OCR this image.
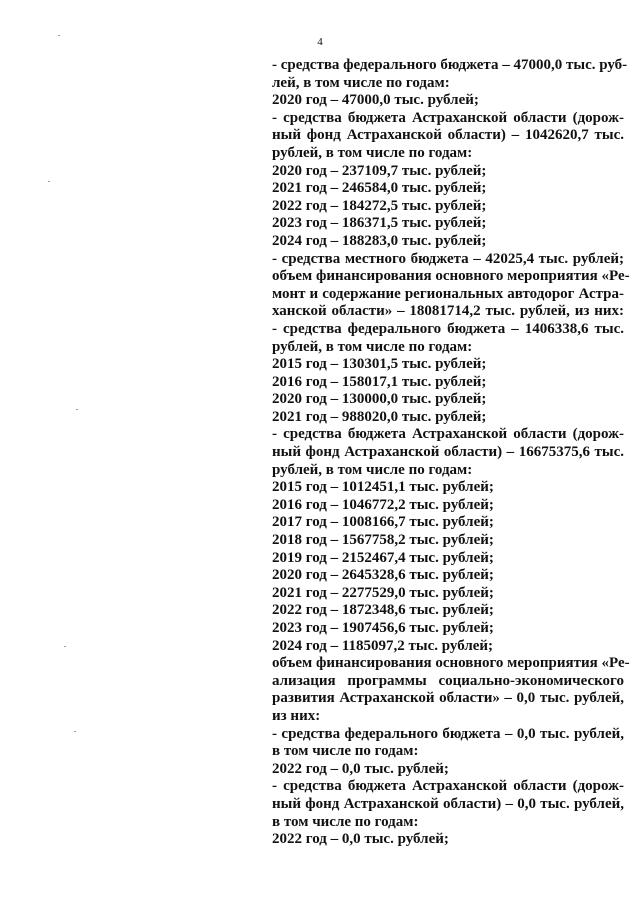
4
- средства федерального бюджета – 47000,0 тыс. руб-
лей, в том числе по годам:
2020 год – 47000,0 тыс. рублей;
- средства бюджета Астраханской области (дорож-
ный фонд Астраханской области) – 1042620,7 тыс.
рублей, в том числе по годам:
2020 год – 237109,7 тыс. рублей;
2021 год – 246584,0 тыс. рублей;
2022 год – 184272,5 тыс. рублей;
2023 год – 186371,5 тыс. рублей;
2024 год – 188283,0 тыс. рублей;
- средства местного бюджета – 42025,4 тыс. рублей;
объем финансирования основного мероприятия «Ре-
монт и содержание региональных автодорог Астра-
ханской области» – 18081714,2 тыс. рублей, из них:
- средства федерального бюджета – 1406338,6 тыс.
рублей, в том числе по годам:
2015 год – 130301,5 тыс. рублей;
2016 год – 158017,1 тыс. рублей;
2020 год – 130000,0 тыс. рублей;
2021 год – 988020,0 тыс. рублей;
- средства бюджета Астраханской области (дорож-
ный фонд Астраханской области) – 16675375,6 тыс.
рублей, в том числе по годам:
2015 год – 1012451,1 тыс. рублей;
2016 год – 1046772,2 тыс. рублей;
2017 год – 1008166,7 тыс. рублей;
2018 год – 1567758,2 тыс. рублей;
2019 год – 2152467,4 тыс. рублей;
2020 год – 2645328,6 тыс. рублей;
2021 год – 2277529,0 тыс. рублей;
2022 год – 1872348,6 тыс. рублей;
2023 год – 1907456,6 тыс. рублей;
2024 год – 1185097,2 тыс. рублей;
объем финансирования основного мероприятия «Ре-
ализация программы социально-экономического
развития Астраханской области» – 0,0 тыс. рублей,
из них:
- средства федерального бюджета – 0,0 тыс. рублей,
в том числе по годам:
2022 год – 0,0 тыс. рублей;
- средства бюджета Астраханской области (дорож-
ный фонд Астраханской области) – 0,0 тыс. рублей,
в том числе по годам:
2022 год – 0,0 тыс. рублей;
